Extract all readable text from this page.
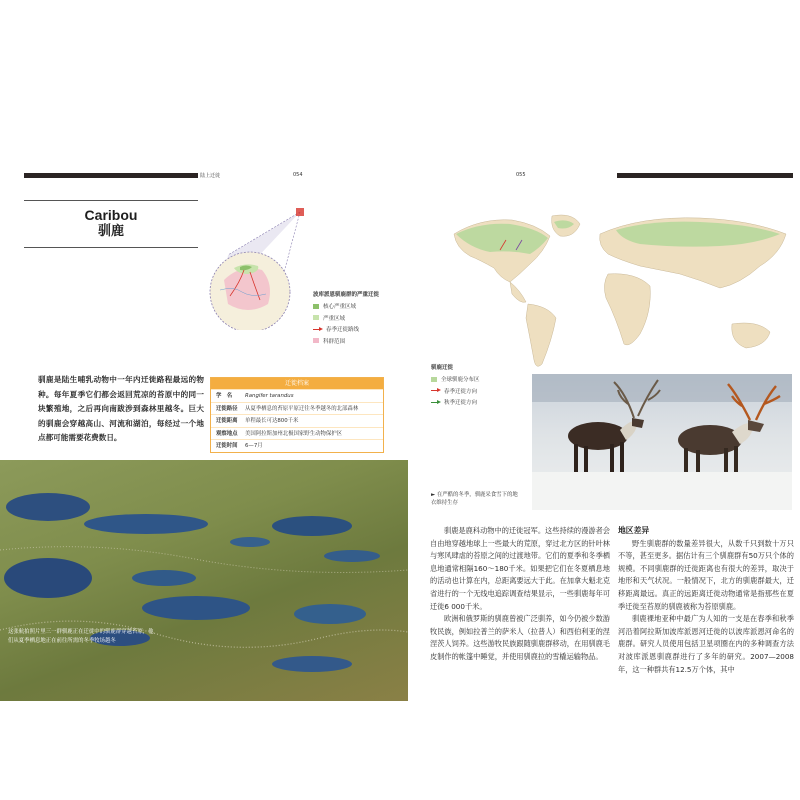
陆上迁徙	054
Caribou
驯鹿
波库派恩驯鹿群的严重迁徙
核心严重区域
严重区域
春季迁徙路线
科群范围
驯鹿是陆生哺乳动物中一年内迁徙路程最远的物种。每年夏季它们都会返回荒凉的苔原中的同一块繁殖地，之后再向南跋涉到森林里越冬。巨大的驯鹿会穿越高山、河流和湖泊，每经过一个地点都可能需要花费数日。
迁徙档案
学　名	Rangifer tarandus
迁徙路径	从夏季栖息的苔原平原迁往冬季越冬的北部森林
迁徙距离	单程最长可达800千米
观察地点	美国阿拉斯加州北极国家野生动物保护区
迁徙时间	6—7月
这张航拍照片里三一群驯鹿正在迁徙中的驯鹿群穿越苔原，他们从夏季栖息地正在前往所需的冬季牧场越冬
055
驯鹿迁徙
全球驯鹿分布区
春季迁徙方向
秋季迁徙方向
► 在严酷的冬季，驯鹿采食雪下的地衣维持生存

驯鹿是鹿科动物中的迁徙冠军。这些持续的漫游者会自由地穿越地球上一些最大的荒原，穿过北方区的针叶林与寒风肆虐的苔原之间的过渡地带。它们的夏季和冬季栖息地通常相隔160～180千米。如果把它们在冬夏栖息地的活动也计算在内，总距离要远大于此。在加拿大魁北克省进行的一个无线电追踪调查结果显示，一些驯鹿每年可迁徙6 000千米。

欧洲和俄罗斯的驯鹿曾被广泛驯养，如今仍被少数游牧民族，例如拉普兰的萨米人（拉普人）和西伯利亚的涅涅茨人饲养。这些游牧民族跟随驯鹿群移动，在用驯鹿毛皮制作的帐篷中睡觉，并使用驯鹿拉的雪橇运输物品。

地区差异

野生驯鹿群的数量差异很大，从数千只到数十万只不等，甚至更多。据估计有三个驯鹿群有50万只个体的规模。不同驯鹿群的迁徙距离也有很大的差异，取决于地形和天气状况。一般情况下，北方的驯鹿群最大，迁移距离最远。真正的远距离迁徙动物通常是指那些在夏季迁徙至苔原的驯鹿被称为苔原驯鹿。

驯鹿裸地亚种中最广为人知的一支是在春季和秋季河沿着阿拉斯加波库派恩河迁徙的以波库派恩河命名的鹿群。研究人员使用包括卫星项圈在内的多种调查方法对波库派恩驯鹿群进行了多年的研究。2007—2008年，这一种群共有12.5万个体，其中
